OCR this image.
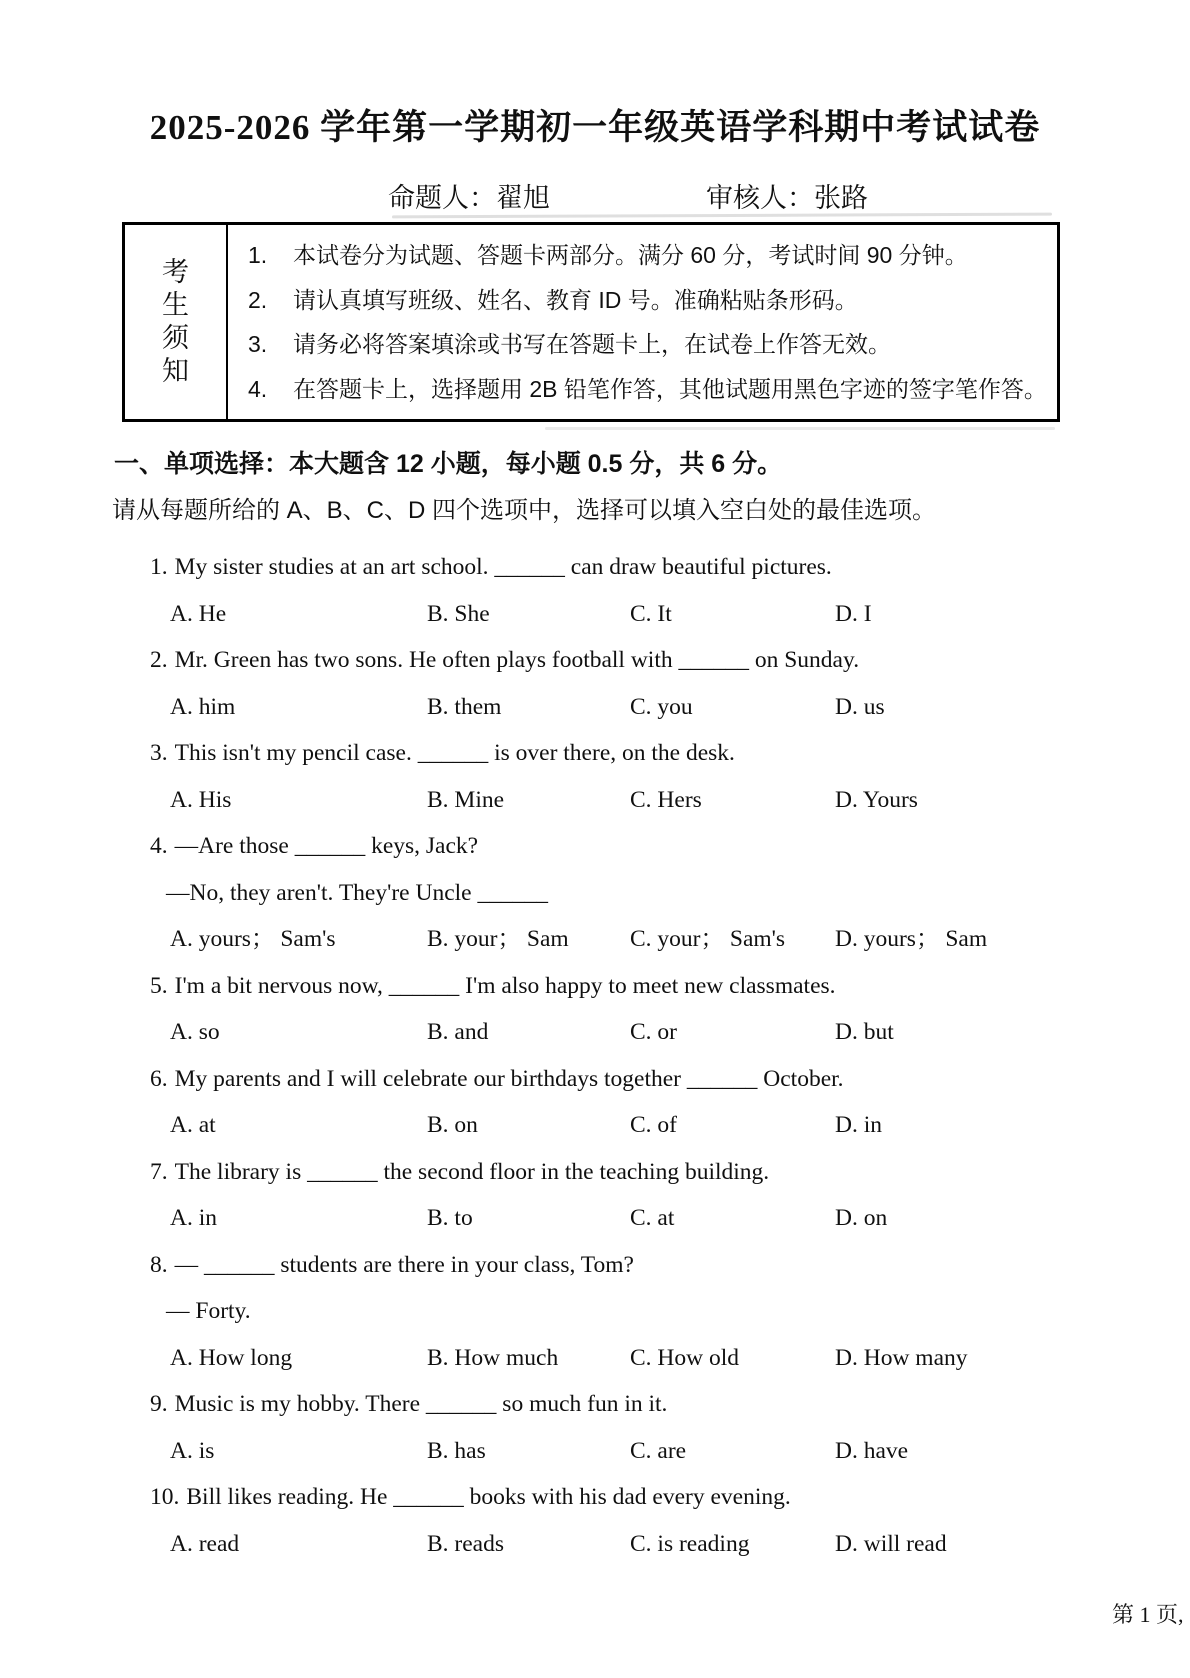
2025-2026 学年第一学期初一年级英语学科期中考试试卷
命题人：翟旭	审核人：张路
考
生
须
知
1.	本试卷分为试题、答题卡两部分。满分 60 分，考试时间 90 分钟。
2.	请认真填写班级、姓名、教育 ID 号。准确粘贴条形码。
3.	请务必将答案填涂或书写在答题卡上，在试卷上作答无效。
4.	在答题卡上，选择题用 2B 铅笔作答，其他试题用黑色字迹的签字笔作答。
一、单项选择：本大题含 12 小题，每小题 0.5 分，共 6 分。
请从每题所给的 A、B、C、D 四个选项中，选择可以填入空白处的最佳选项。
1. My sister studies at an art school. ______ can draw beautiful pictures.
A. He	B. She	C. It	D. I
2. Mr. Green has two sons. He often plays football with ______ on Sunday.
A. him	B. them	C. you	D. us
3. This isn't my pencil case. ______ is over there, on the desk.
A. His	B. Mine	C. Hers	D. Yours
4. —Are those ______ keys, Jack?
—No, they aren't. They're Uncle ______
A. yours； Sam's	B. your； Sam	C. your； Sam's D. yours； Sam
5. I'm a bit nervous now, ______ I'm also happy to meet new classmates.
A. so	B. and	C. or	D. but
6. My parents and I will celebrate our birthdays together ______ October.
A. at	B. on	C. of	D. in
7. The library is ______ the second floor in the teaching building.
A. in	B. to	C. at	D. on
8. — ______ students are there in your class, Tom?
— Forty.
A. How long	B. How much	C. How old	D. How many
9. Music is my hobby. There ______ so much fun in it.
A. is	B. has	C. are	D. have
10. Bill likes reading. He ______ books with his dad every evening.
A. read	B. reads	C. is reading	D. will read
第 1 页,
